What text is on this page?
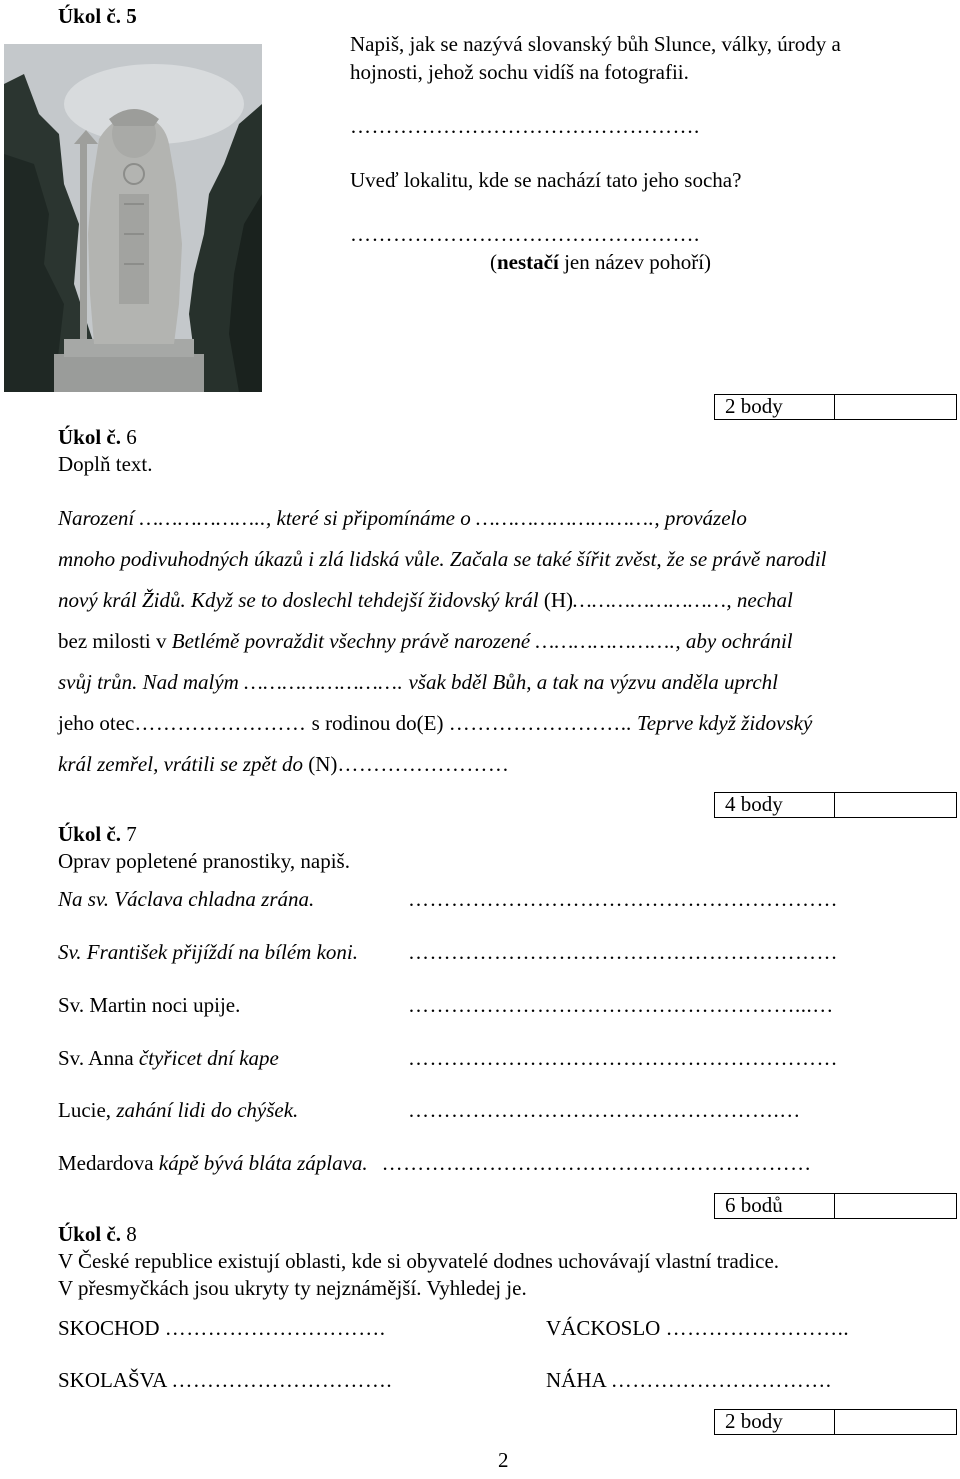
Úkol č. 5
Napiš, jak se nazývá slovanský bůh Slunce, války, úrody a
hojnosti, jehož sochu vidíš na fotografii.
………………………………………….
Uveď lokalitu, kde se nachází tato jeho socha?
………………………………………….
(nestačí jen název pohoří)
2 body
Úkol č. 6
Doplň text.
Narození ……………….., které si připomínáme o ………………………., provázelo
mnoho podivuhodných úkazů i zlá lidská vůle. Začala se také šířit zvěst, že se právě narodil
nový král Židů. Když se to doslechl tehdejší židovský král (H)……………………, nechal
bez milosti v Betlémě povraždit všechny právě narozené …………………., aby ochránil
svůj trůn. Nad malým ……………………. však bděl Bůh, a tak na výzvu anděla uprchl
jeho otec…………………… s rodinou do(E) …………………….. Teprve když židovský
král zemřel, vrátili se zpět do (N)……………………
4 body
Úkol č. 7
Oprav popletené pranostiky, napiš.
Na sv. Václava chladna zrána.	……………………………………………………
Sv. František přijíždí na bílém koni. ……………………………………………………
Sv. Martin noci upije.	………………………………………………...…
Sv. Anna čtyřicet dní kape	……………………………………………………
Lucie, zahání lidi do chýšek.	…………………………………………….…
Medardova kápě bývá bláta záplava. ……………………………………………………
6 bodů
Úkol č. 8
V České republice existují oblasti, kde si obyvatelé dodnes uchovávají vlastní tradice.
V přesmyčkách jsou ukryty ty nejznámější. Vyhledej je.
SKOCHOD ………………………….	VÁCKOSLO ……………………..
SKOLAŠVA ………………………….	NÁHA ………………………….
2 body
2
